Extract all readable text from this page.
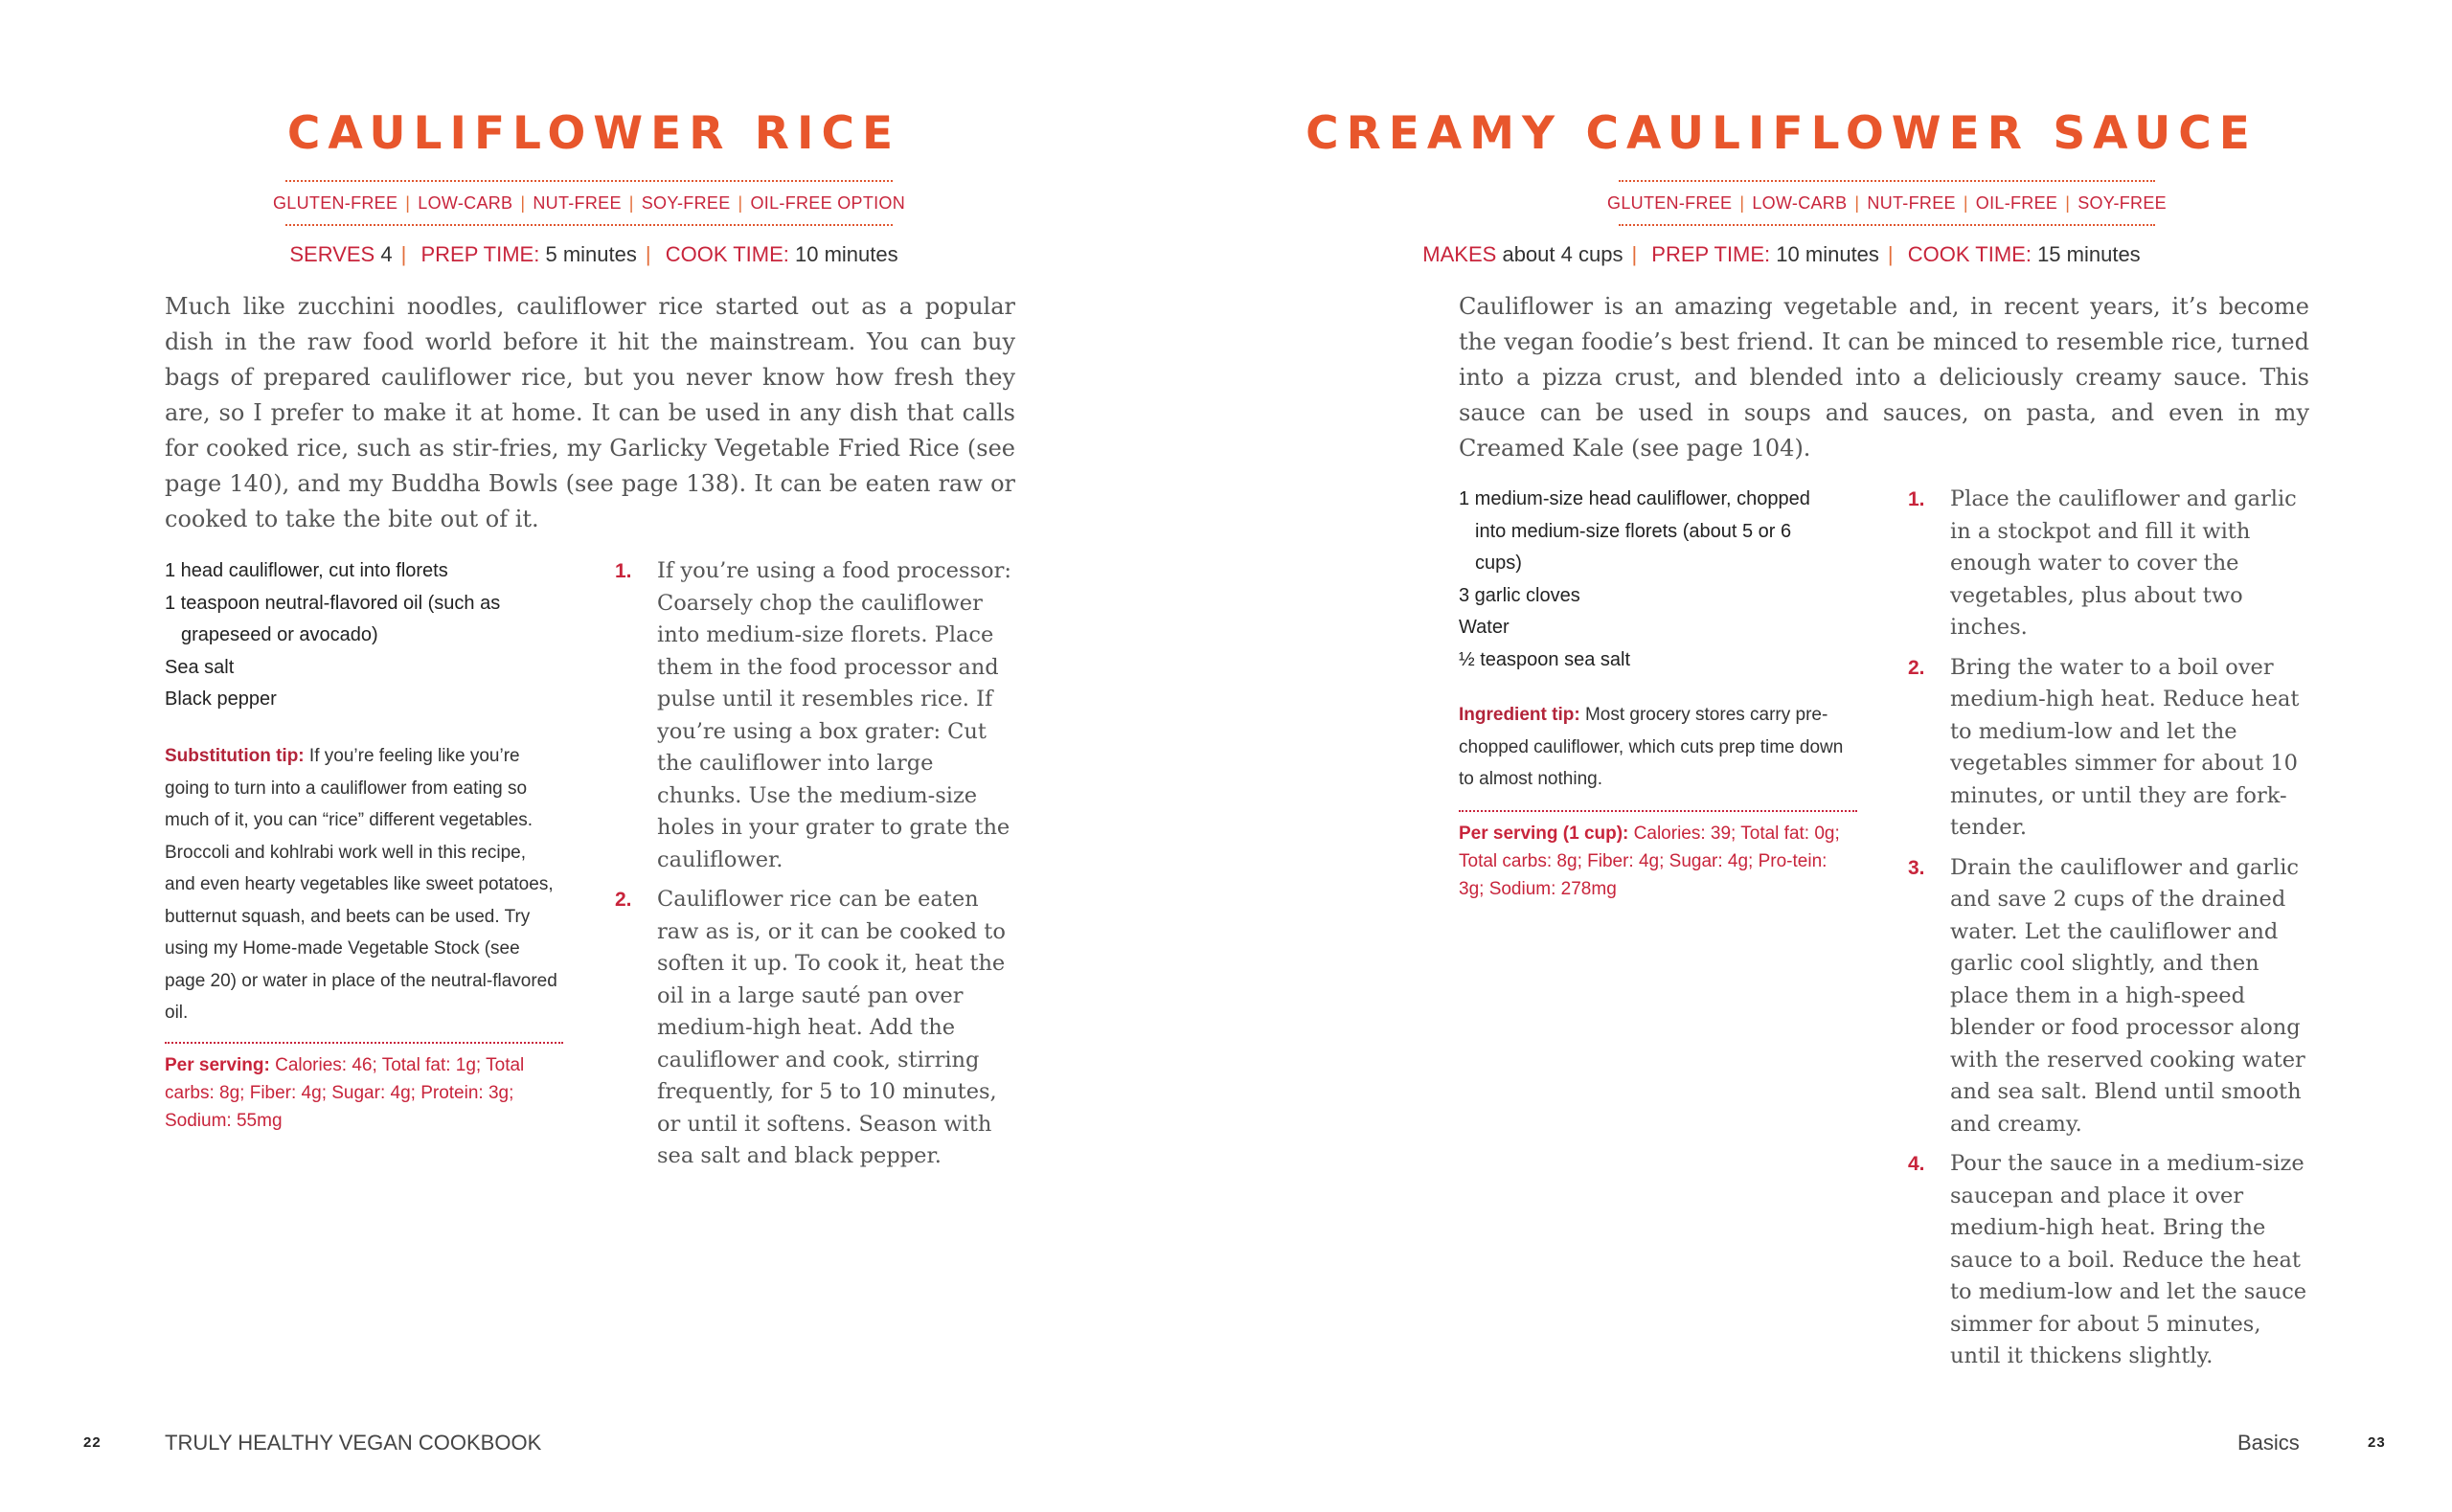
CAULIFLOWER RICE
GLUTEN-FREE | LOW-CARB | NUT-FREE | SOY-FREE | OIL-FREE OPTION
SERVES 4 | PREP TIME: 5 minutes | COOK TIME: 10 minutes

Much like zucchini noodles, cauliflower rice started out as a popular dish in the raw food world before it hit the mainstream. You can buy bags of prepared cauliflower rice, but you never know how fresh they are, so I prefer to make it at home. It can be used in any dish that calls for cooked rice, such as stir-fries, my Garlicky Vegetable Fried Rice (see page 140), and my Buddha Bowls (see page 138). It can be eaten raw or cooked to take the bite out of it.

1 head cauliflower, cut into florets
1 teaspoon neutral-flavored oil (such as grapeseed or avocado)
Sea salt
Black pepper

Substitution tip: If you’re feeling like you’re going to turn into a cauliflower from eating so much of it, you can “rice” different vegetables. Broccoli and kohlrabi work well in this recipe, and even hearty vegetables like sweet potatoes, butternut squash, and beets can be used. Try using my Home-made Vegetable Stock (see page 20) or water in place of the neutral-flavored oil.

Per serving: Calories: 46; Total fat: 1g; Total carbs: 8g; Fiber: 4g; Sugar: 4g; Protein: 3g; Sodium: 55mg

1. If you’re using a food processor: Coarsely chop the cauliflower into medium-size florets. Place them in the food processor and pulse until it resembles rice. If you’re using a box grater: Cut the cauliflower into large chunks. Use the medium-size holes in your grater to grate the cauliflower.
2. Cauliflower rice can be eaten raw as is, or it can be cooked to soften it up. To cook it, heat the oil in a large sauté pan over medium-high heat. Add the cauliflower and cook, stirring frequently, for 5 to 10 minutes, or until it softens. Season with sea salt and black pepper.
22	TRULY HEALTHY VEGAN COOKBOOK
CREAMY CAULIFLOWER SAUCE
GLUTEN-FREE | LOW-CARB | NUT-FREE | OIL-FREE | SOY-FREE
MAKES about 4 cups | PREP TIME: 10 minutes | COOK TIME: 15 minutes

Cauliflower is an amazing vegetable and, in recent years, it’s become the vegan foodie’s best friend. It can be minced to resemble rice, turned into a pizza crust, and blended into a deliciously creamy sauce. This sauce can be used in soups and sauces, on pasta, and even in my Creamed Kale (see page 104).

1 medium-size head cauliflower, chopped into medium-size florets (about 5 or 6 cups)
3 garlic cloves
Water
½ teaspoon sea salt

Ingredient tip: Most grocery stores carry pre-chopped cauliflower, which cuts prep time down to almost nothing.

Per serving (1 cup): Calories: 39; Total fat: 0g; Total carbs: 8g; Fiber: 4g; Sugar: 4g; Pro-tein: 3g; Sodium: 278mg

1. Place the cauliflower and garlic in a stockpot and fill it with enough water to cover the vegetables, plus about two inches.
2. Bring the water to a boil over medium-high heat. Reduce heat to medium-low and let the vegetables simmer for about 10 minutes, or until they are fork-tender.
3. Drain the cauliflower and garlic and save 2 cups of the drained water. Let the cauliflower and garlic cool slightly, and then place them in a high-speed blender or food processor along with the reserved cooking water and sea salt. Blend until smooth and creamy.
4. Pour the sauce in a medium-size saucepan and place it over medium-high heat. Bring the sauce to a boil. Reduce the heat to medium-low and let the sauce simmer for about 5 minutes, until it thickens slightly.
Basics	23
